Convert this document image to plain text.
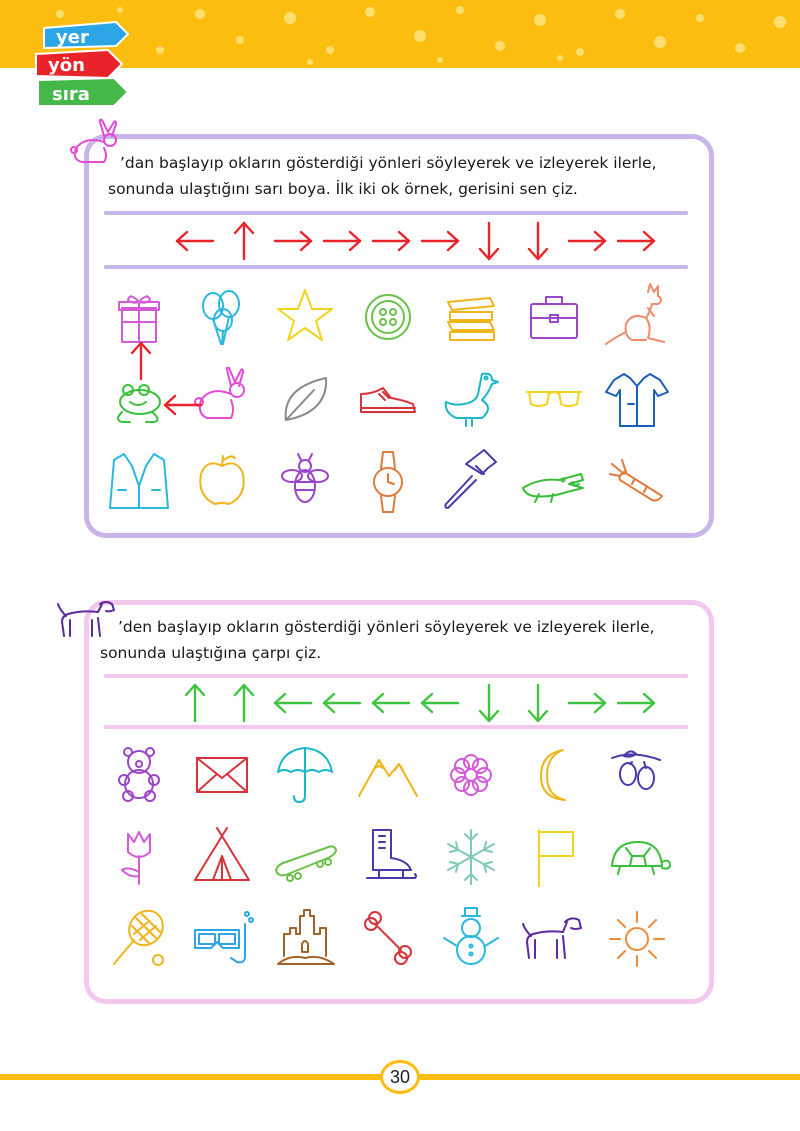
yer
yön
sıra
’dan başlayıp okların gösterdiği yönleri söyleyerek ve izleyerek ilerle,
sonunda ulaştığını sarı boya. İlk iki ok örnek, gerisini sen çiz.
’den başlayıp okların gösterdiği yönleri söyleyerek ve izleyerek ilerle,
sonunda ulaştığına çarpı çiz.
30
